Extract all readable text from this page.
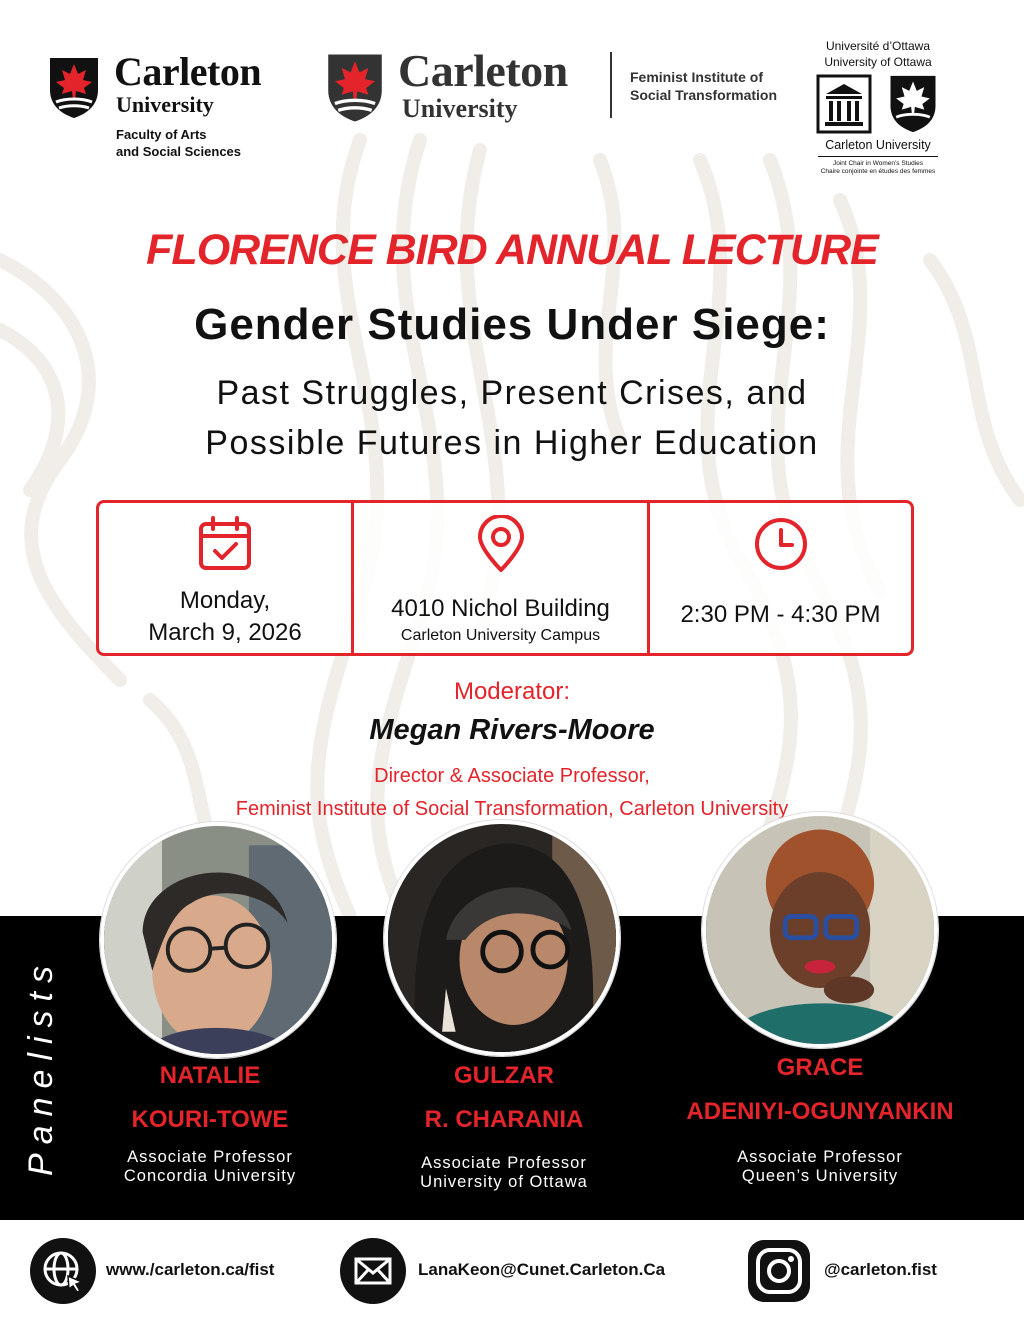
Carleton
University
Faculty of Arts
and Social Sciences
Carleton
University
Feminist Institute of
Social Transformation
Université d’Ottawa
University of Ottawa
Carleton University
Joint Chair in Women’s Studies
Chaire conjointe en études des femmes
FLORENCE BIRD ANNUAL LECTURE
Gender Studies Under Siege:
Past Struggles, Present Crises, and
Possible Futures in Higher Education
Monday,
March 9, 2026
4010 Nichol Building
Carleton University Campus
2:30 PM - 4:30 PM
Moderator:
Megan Rivers-Moore
Director & Associate Professor,
Feminist Institute of Social Transformation, Carleton University
Panelists	NATALIE
KOURI-TOWE
Associate Professor
Concordia University
GULZAR
R. CHARANIA
Associate Professor
University of Ottawa
GRACE
ADENIYI-OGUNYANKIN
Associate Professor
Queen’s University
www./carleton.ca/fist	LanaKeon@Cunet.Carleton.Ca	@carleton.fist
